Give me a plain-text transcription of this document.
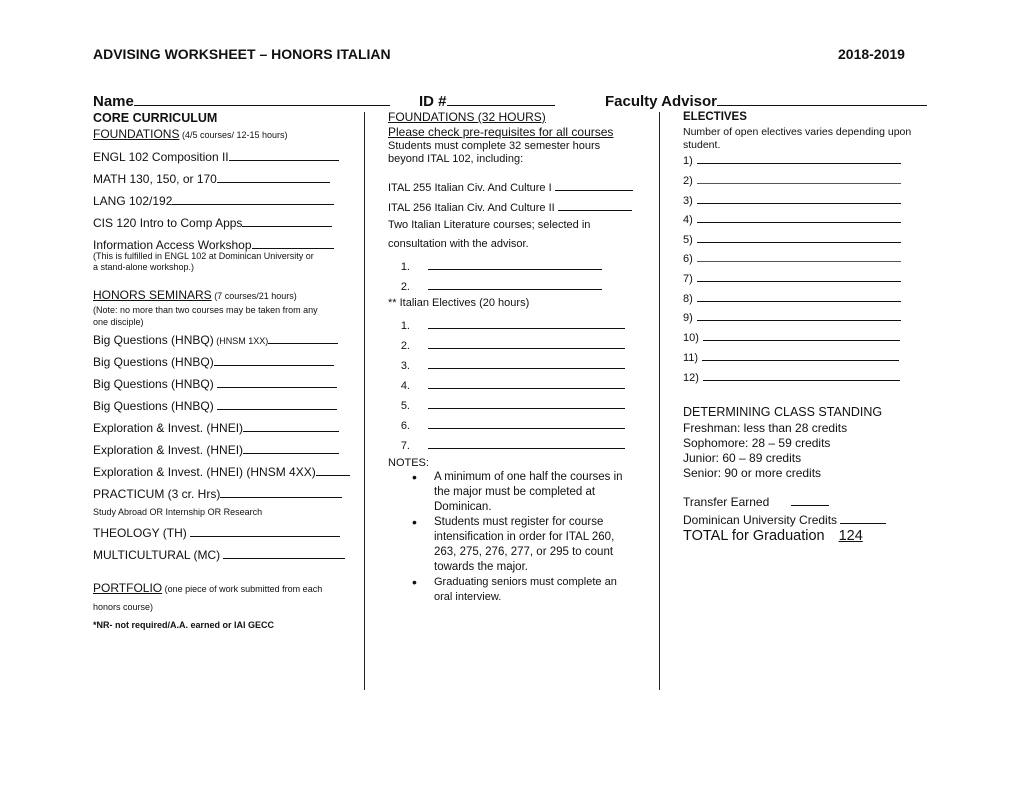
ADVISING WORKSHEET – HONORS ITALIAN	2018-2019
Name	ID #	Faculty Advisor
CORE CURRICULUM
FOUNDATIONS (4/5 courses/ 12-15 hours)
ENGL 102 Composition II
MATH 130, 150, or 170
LANG 102/192
CIS 120 Intro to Comp Apps
Information Access Workshop
(This is fulfilled in ENGL 102 at Dominican University or
a stand-alone workshop.)
HONORS SEMINARS (7 courses/21 hours)
(Note: no more than two courses may be taken from any
one disciple)
Big Questions (HNBQ) (HNSM 1XX)
Big Questions (HNBQ)
Big Questions (HNBQ)
Big Questions (HNBQ)
Exploration & Invest. (HNEI)
Exploration & Invest. (HNEI)
Exploration & Invest. (HNEI) (HNSM 4XX)
PRACTICUM (3 cr. Hrs)
Study Abroad OR Internship OR Research
THEOLOGY (TH)
MULTICULTURAL (MC)
PORTFOLIO (one piece of work submitted from each
honors course)
*NR- not required/A.A. earned or IAI GECC
FOUNDATIONS (32 HOURS)
Please check pre-requisites for all courses
Students must complete 32 semester hours
beyond ITAL 102, including:
ITAL 255 Italian Civ. And Culture I
ITAL 256 Italian Civ. And Culture II
Two Italian Literature courses; selected in
consultation with the advisor.
1.
2.
** Italian Electives (20 hours)
1.
2.
3.
4.
5.
6.
7.
NOTES:
• A minimum of one half the courses in the major must be completed at Dominican.
• Students must register for course intensification in order for ITAL 260, 263, 275, 276, 277, or 295 to count towards the major.
• Graduating seniors must complete an oral interview.
ELECTIVES
Number of open electives varies depending upon
student.
1)
2)
3)
4)
5)
6)
7)
8)
9)
10)
11)
12)
DETERMINING CLASS STANDING
Freshman: less than 28 credits
Sophomore: 28 – 59 credits
Junior: 60 – 89 credits
Senior: 90 or more credits
Transfer Earned
Dominican University Credits
TOTAL for Graduation 124
